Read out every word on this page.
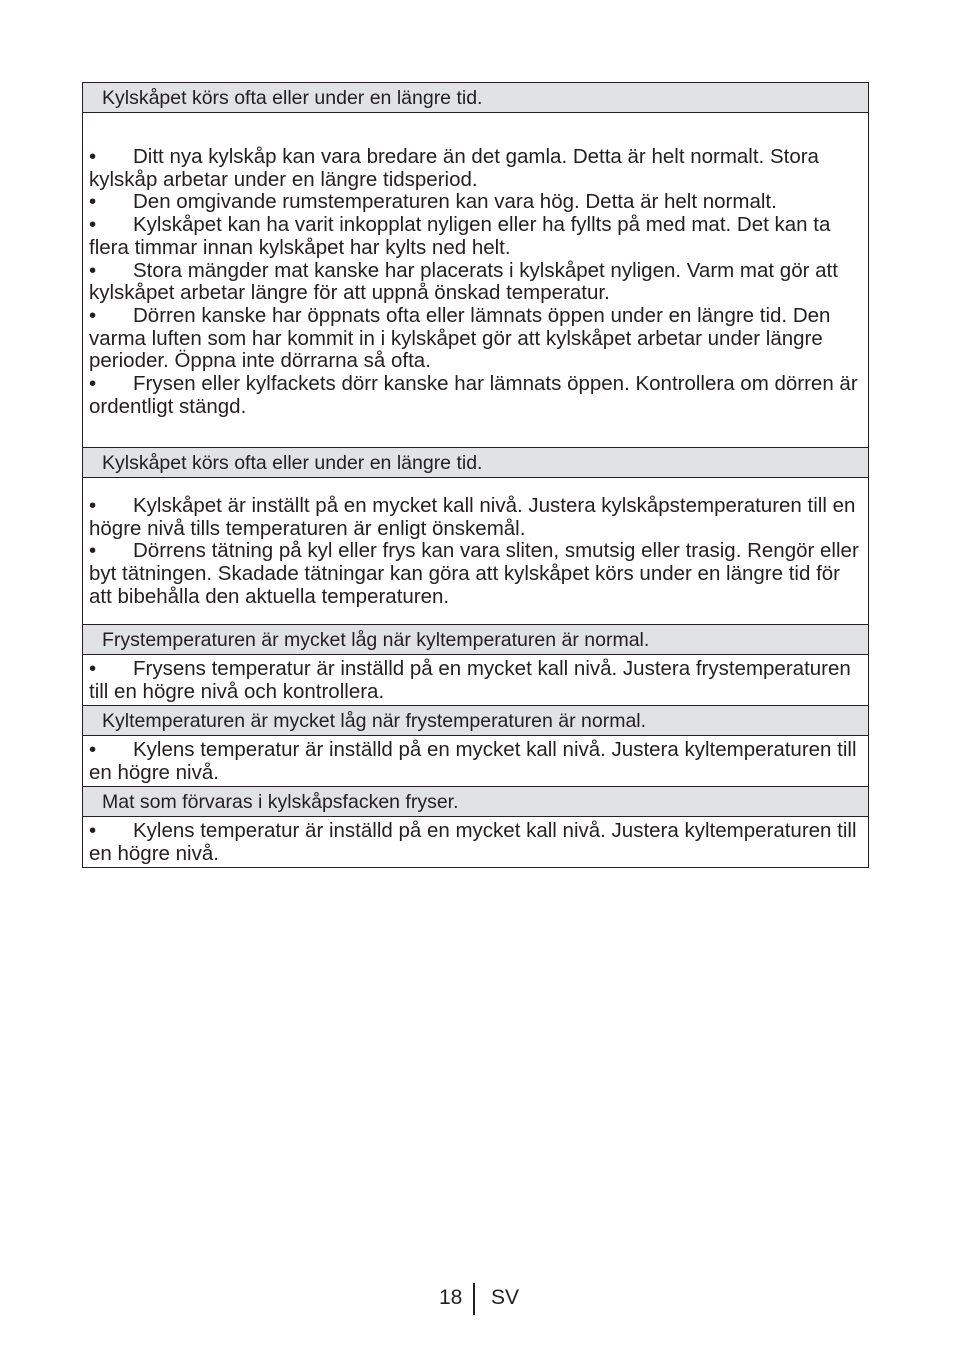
Kylskåpet körs ofta eller under en längre tid.

• Ditt nya kylskåp kan vara bredare än det gamla. Detta är helt normalt. Stora kylskåp arbetar under en längre tidsperiod.

• Den omgivande rumstemperaturen kan vara hög. Detta är helt normalt.

• Kylskåpet kan ha varit inkopplat nyligen eller ha fyllts på med mat. Det kan ta flera timmar innan kylskåpet har kylts ned helt.

• Stora mängder mat kanske har placerats i kylskåpet nyligen. Varm mat gör att kylskåpet arbetar längre för att uppnå önskad temperatur.

• Dörren kanske har öppnats ofta eller lämnats öppen under en längre tid. Den varma luften som har kommit in i kylskåpet gör att kylskåpet arbetar under längre perioder. Öppna inte dörrarna så ofta.

• Frysen eller kylfackets dörr kanske har lämnats öppen. Kontrollera om dörren är ordentligt stängd.

Kylskåpet körs ofta eller under en längre tid.

• Kylskåpet är inställt på en mycket kall nivå. Justera kylskåpstemperaturen till en högre nivå tills temperaturen är enligt önskemål.

• Dörrens tätning på kyl eller frys kan vara sliten, smutsig eller trasig. Rengör eller byt tätningen. Skadade tätningar kan göra att kylskåpet körs under en längre tid för att bibehålla den aktuella temperaturen.

Frystemperaturen är mycket låg när kyltemperaturen är normal.

• Frysens temperatur är inställd på en mycket kall nivå. Justera frystemperaturen till en högre nivå och kontrollera.

Kyltemperaturen är mycket låg när frystemperaturen är normal.

• Kylens temperatur är inställd på en mycket kall nivå. Justera kyltemperaturen till en högre nivå.

Mat som förvaras i kylskåpsfacken fryser.

• Kylens temperatur är inställd på en mycket kall nivå. Justera kyltemperaturen till en högre nivå.

18 SV
